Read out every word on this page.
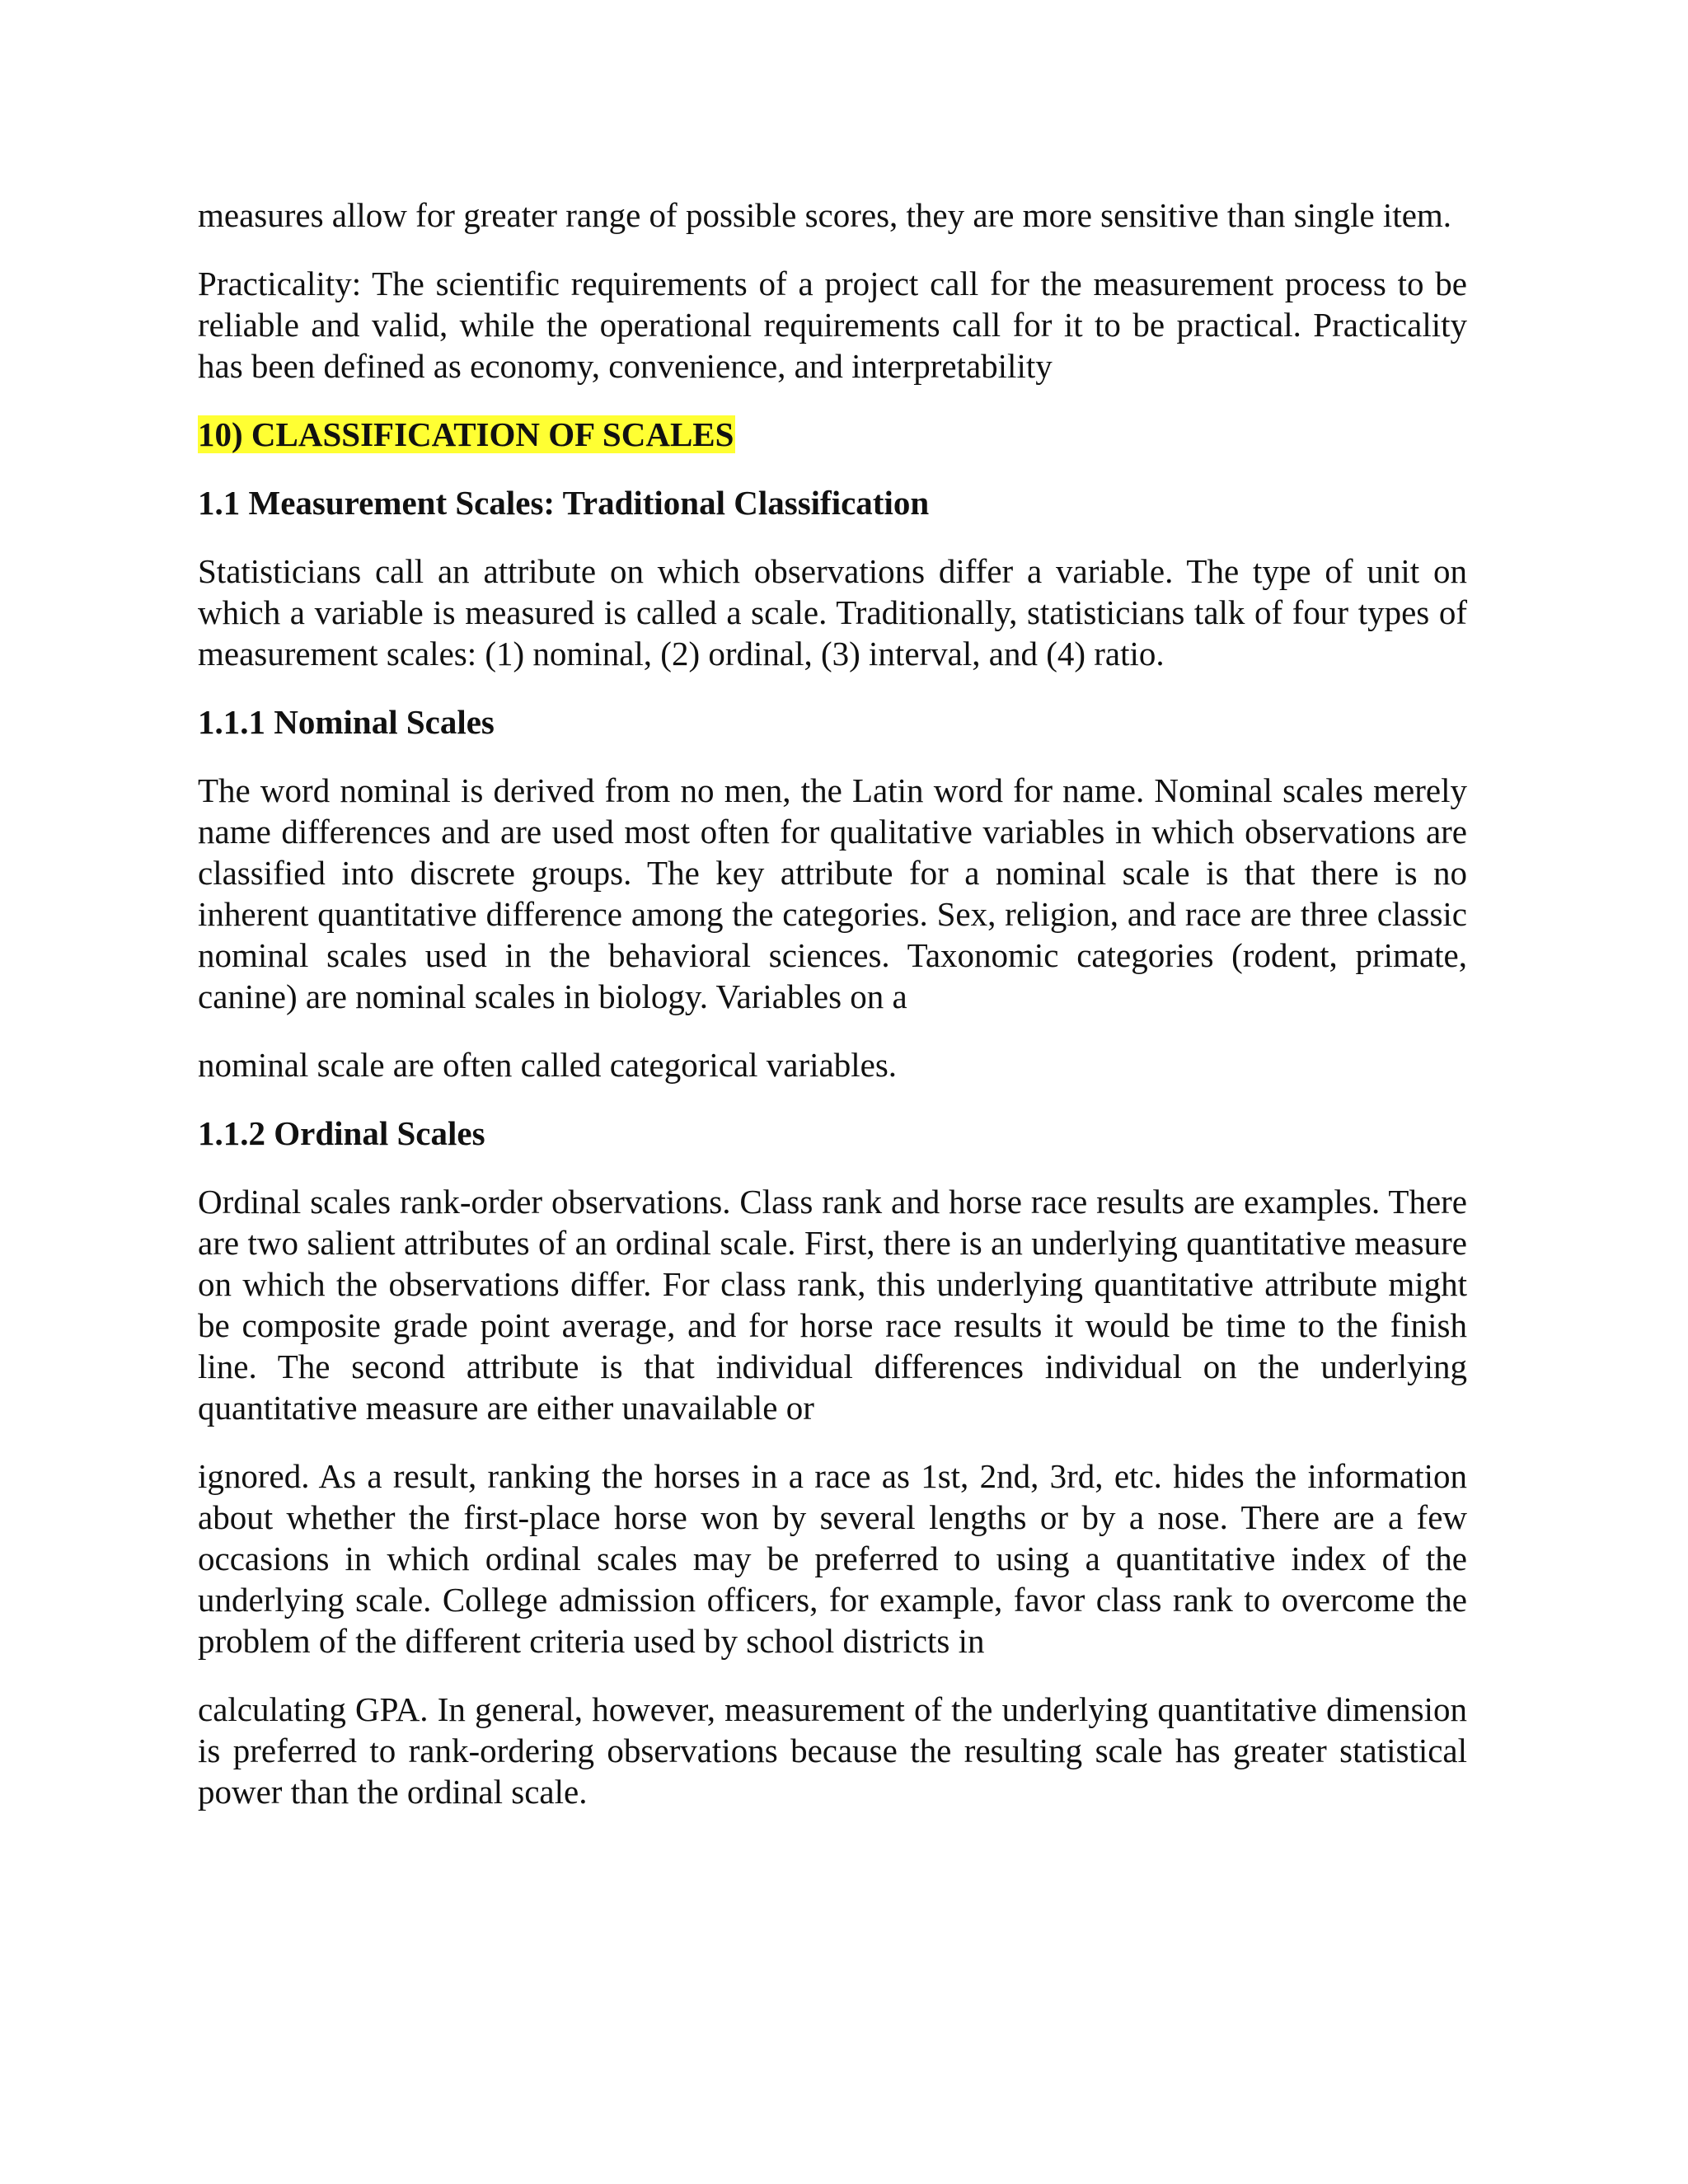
measures allow for greater range of possible scores, they are more sensitive than single item.

Practicality: The scientific requirements of a project call for the measurement process to be reliable and valid, while the operational requirements call for it to be practical. Practicality has been defined as economy, convenience, and interpretability

10) CLASSIFICATION OF SCALES

1.1 Measurement Scales: Traditional Classification

Statisticians call an attribute on which observations differ a variable. The type of unit on which a variable is measured is called a scale. Traditionally, statisticians talk of four types of measurement scales: (1) nominal, (2) ordinal, (3) interval, and (4) ratio.

1.1.1 Nominal Scales

The word nominal is derived from no men, the Latin word for name. Nominal scales merely name differences and are used most often for qualitative variables in which observations are classified into discrete groups. The key attribute for a nominal scale is that there is no inherent quantitative difference among the categories. Sex, religion, and race are three classic nominal scales used in the behavioral sciences. Taxonomic categories (rodent, primate, canine) are nominal scales in biology. Variables on a

nominal scale are often called categorical variables.

1.1.2 Ordinal Scales

Ordinal scales rank-order observations. Class rank and horse race results are examples. There are two salient attributes of an ordinal scale. First, there is an underlying quantitative measure on which the observations differ. For class rank, this underlying quantitative attribute might be composite grade point average, and for horse race results it would be time to the finish line. The second attribute is that individual differences individual on the underlying quantitative measure are either unavailable or

ignored. As a result, ranking the horses in a race as 1st, 2nd, 3rd, etc. hides the information about whether the first-place horse won by several lengths or by a nose. There are a few occasions in which ordinal scales may be preferred to using a quantitative index of the underlying scale. College admission officers, for example, favor class rank to overcome the problem of the different criteria used by school districts in

calculating GPA. In general, however, measurement of the underlying quantitative dimension is preferred to rank-ordering observations because the resulting scale has greater statistical power than the ordinal scale.
